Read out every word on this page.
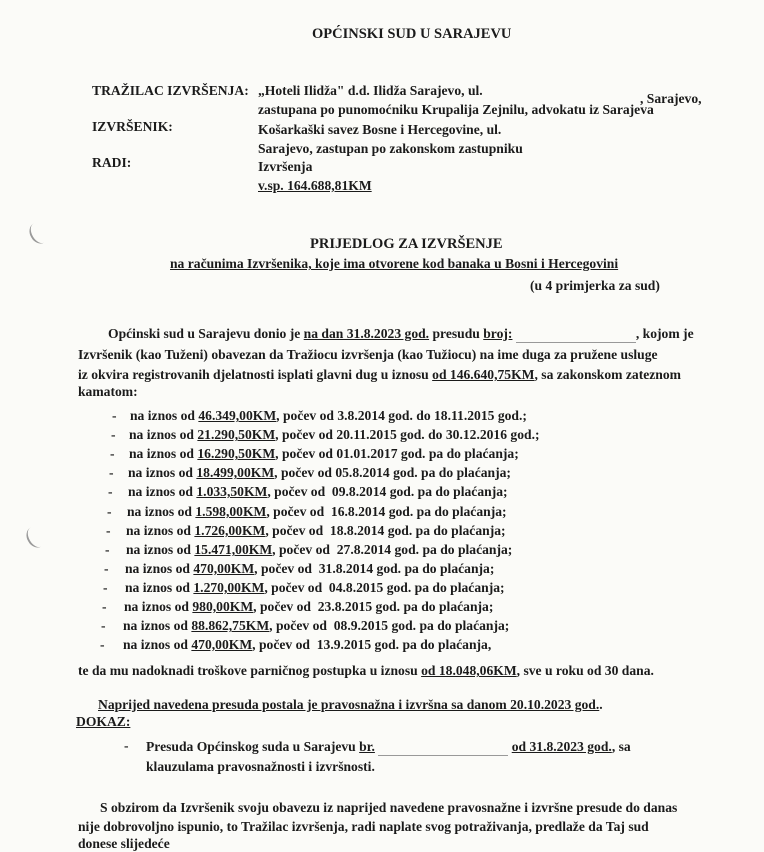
OPĆINSKI SUD U SARAJEVU
TRAŽILAC IZVRŠENJA: „Hoteli Ilidža" d.d. Ilidža Sarajevo, ul.
, Sarajevo,
zastupana po punomoćniku Krupalija Zejnilu, advokatu iz Sarajeva
IZVRŠENIK:	Košarkaški savez Bosne i Hercegovine, ul.
Sarajevo, zastupan po zakonskom zastupniku
RADI:	Izvršenja
v.sp. 164.688,81KM
PRIJEDLOG ZA IZVRŠENJE
na računima Izvršenika, koje ima otvorene kod banaka u Bosni i Hercegovini
(u 4 primjerka za sud)
Općinski sud u Sarajevu donio je na dan 31.8.2023 god. presudu broj:	, kojom je
Izvršenik (kao Tuženi) obavezan da Tražiocu izvršenja (kao Tužiocu) na ime duga za pružene usluge
iz okvira registrovanih djelatnosti isplati glavni dug u iznosu od 146.640,75KM, sa zakonskom zateznom
kamatom:
- na iznos od 46.349,00KM, počev od 3.8.2014 god. do 18.11.2015 god.;
- na iznos od 21.290,50KM, počev od 20.11.2015 god. do 30.12.2016 god.;
- na iznos od 16.290,50KM, počev od 01.01.2017 god. pa do plaćanja;
- na iznos od 18.499,00KM, počev od 05.8.2014 god. pa do plaćanja;
- na iznos od 1.033,50KM, počev od  09.8.2014 god. pa do plaćanja;
- na iznos od 1.598,00KM, počev od  16.8.2014 god. pa do plaćanja;
- na iznos od 1.726,00KM, počev od  18.8.2014 god. pa do plaćanja;
- na iznos od 15.471,00KM, počev od  27.8.2014 god. pa do plaćanja;
- na iznos od 470,00KM, počev od  31.8.2014 god. pa do plaćanja;
- na iznos od 1.270,00KM, počev od  04.8.2015 god. pa do plaćanja;
- na iznos od 980,00KM, počev od  23.8.2015 god. pa do plaćanja;
- na iznos od 88.862,75KM, počev od  08.9.2015 god. pa do plaćanja;
- na iznos od 470,00KM, počev od  13.9.2015 god. pa do plaćanja,
te da mu nadoknadi troškove parničnog postupka u iznosu od 18.048,06KM, sve u roku od 30 dana.
Naprijed navedena presuda postala je pravosnažna i izvršna sa danom 20.10.2023 god..
DOKAZ:
- Presuda Općinskog suda u Sarajevu br.	od 31.8.2023 god., sa
klauzulama pravosnažnosti i izvršnosti.
S obzirom da Izvršenik svoju obavezu iz naprijed navedene pravosnažne i izvršne presude do danas
nije dobrovoljno ispunio, to Tražilac izvršenja, radi naplate svog potraživanja, predlaže da Taj sud
donese slijedeće
